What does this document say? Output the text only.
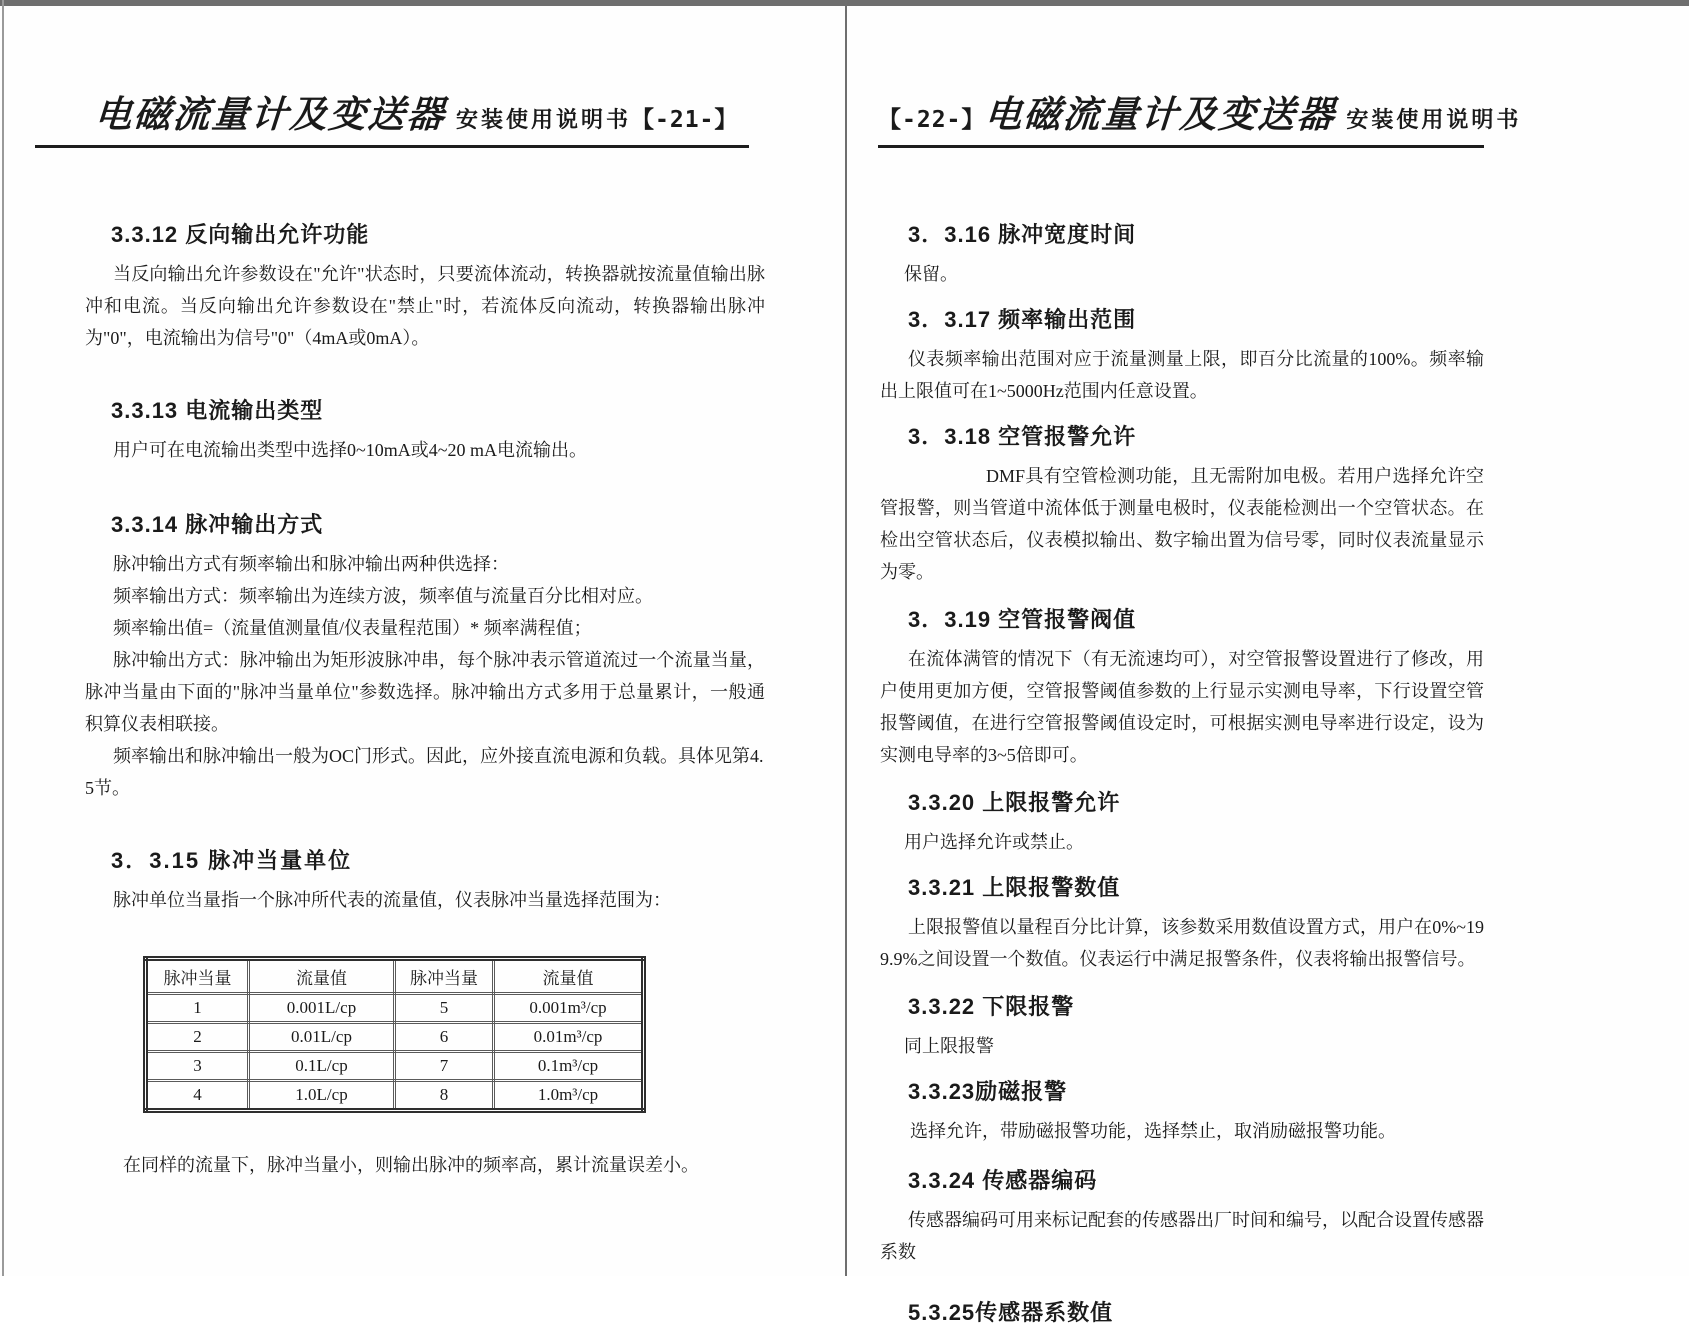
电磁流量计及变送器 安装使用说明书 【-21-】
3.3.12 反向输出允许功能

当反向输出允许参数设在"允许"状态时，只要流体流动，转换器就按流量值输出脉冲和电流。当反向输出允许参数设在"禁止"时，若流体反向流动，转换器输出脉冲为"0"，电流输出为信号"0"（4mA或0mA）。

3.3.13 电流输出类型

用户可在电流输出类型中选择0~10mA或4~20 mA电流输出。

3.3.14 脉冲输出方式

脉冲输出方式有频率输出和脉冲输出两种供选择：

频率输出方式：频率输出为连续方波，频率值与流量百分比相对应。

频率输出值=（流量值测量值/仪表量程范围）* 频率满程值；

脉冲输出方式：脉冲输出为矩形波脉冲串，每个脉冲表示管道流过一个流量当量，脉冲当量由下面的"脉冲当量单位"参数选择。脉冲输出方式多用于总量累计，一般通积算仪表相联接。

频率输出和脉冲输出一般为OC门形式。因此，应外接直流电源和负载。具体见第4.5节。

3．3.15 脉冲当量单位

脉冲单位当量指一个脉冲所代表的流量值，仪表脉冲当量选择范围为：

脉冲当量	流量值	脉冲当量	流量值
1	0.001L/cp	5	0.001m³/cp
2	0.01L/cp	6	0.01m³/cp
3	0.1L/cp	7	0.1m³/cp
4	1.0L/cp	8	1.0m³/cp

在同样的流量下，脉冲当量小，则输出脉冲的频率高，累计流量误差小。

【-22-】
电磁流量计及变送器 安装使用说明书
3．3.16 脉冲宽度时间

保留。

3．3.17 频率输出范围

仪表频率输出范围对应于流量测量上限，即百分比流量的100%。频率输出上限值可在1~5000Hz范围内任意设置。

3．3.18 空管报警允许

DMF具有空管检测功能，且无需附加电极。若用户选择允许空管报警，则当管道中流体低于测量电极时，仪表能检测出一个空管状态。在检出空管状态后，仪表模拟输出、数字输出置为信号零，同时仪表流量显示为零。

3．3.19 空管报警阀值

在流体满管的情况下（有无流速均可），对空管报警设置进行了修改，用户使用更加方便，空管报警阈值参数的上行显示实测电导率，下行设置空管报警阈值，在进行空管报警阈值设定时，可根据实测电导率进行设定，设为实测电导率的3~5倍即可。

3.3.20 上限报警允许

用户选择允许或禁止。

3.3.21 上限报警数值

上限报警值以量程百分比计算，该参数采用数值设置方式，用户在0%~199.9%之间设置一个数值。仪表运行中满足报警条件，仪表将输出报警信号。

3.3.22 下限报警

同上限报警

3.3.23励磁报警

选择允许，带励磁报警功能，选择禁止，取消励磁报警功能。

3.3.24 传感器编码

传感器编码可用来标记配套的传感器出厂时间和编号，以配合设置传感器系数

5.3.25传感器系数值
